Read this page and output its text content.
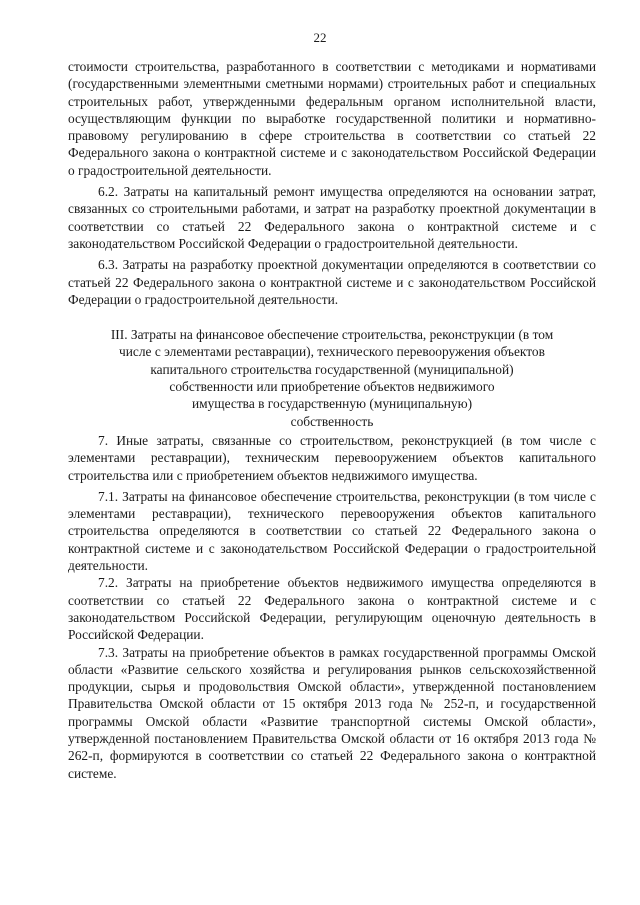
22

стоимости строительства, разработанного в соответствии с методиками и нормативами (государственными элементными сметными нормами) строительных работ и специальных строительных работ, утвержденными федеральным органом исполнительной власти, осуществляющим функции по выработке государственной политики и нормативно-правовому регулированию в сфере строительства в соответствии со статьей 22 Федерального закона о контрактной системе и с законодательством Российской Федерации о градостроительной деятельности.

6.2. Затраты на капитальный ремонт имущества определяются на основании затрат, связанных со строительными работами, и затрат на разработку проектной документации в соответствии со статьей 22 Федерального закона о контрактной системе и с законодательством Российской Федерации о градостроительной деятельности.

6.3. Затраты на разработку проектной документации определяются в соответствии со статьей 22 Федерального закона о контрактной системе и с законодательством Российской Федерации о градостроительной деятельности.

III. Затраты на финансовое обеспечение строительства, реконструкции (в том
числе с элементами реставрации), технического перевооружения объектов
капитального строительства государственной (муниципальной)
собственности или приобретение объектов недвижимого
имущества в государственную (муниципальную)
собственность

7. Иные затраты, связанные со строительством, реконструкцией (в том числе с элементами реставрации), техническим перевооружением объектов капитального строительства или с приобретением объектов недвижимого имущества.

7.1. Затраты на финансовое обеспечение строительства, реконструкции (в том числе с элементами реставрации), технического перевооружения объектов капитального строительства определяются в соответствии со статьей 22 Федерального закона о контрактной системе и с законодательством Российской Федерации о градостроительной деятельности.

7.2. Затраты на приобретение объектов недвижимого имущества определяются в соответствии со статьей 22 Федерального закона о контрактной системе и с законодательством Российской Федерации, регулирующим оценочную деятельность в Российской Федерации.

7.3. Затраты на приобретение объектов в рамках государственной программы Омской области «Развитие сельского хозяйства и регулирования рынков сельскохозяйственной продукции, сырья и продовольствия Омской области», утвержденной постановлением Правительства Омской области от 15 октября 2013 года № 252-п, и государственной программы Омской области «Развитие транспортной системы Омской области», утвержденной постановлением Правительства Омской области от 16 октября 2013 года № 262-п, формируются в соответствии со статьей 22 Федерального закона о контрактной системе.
